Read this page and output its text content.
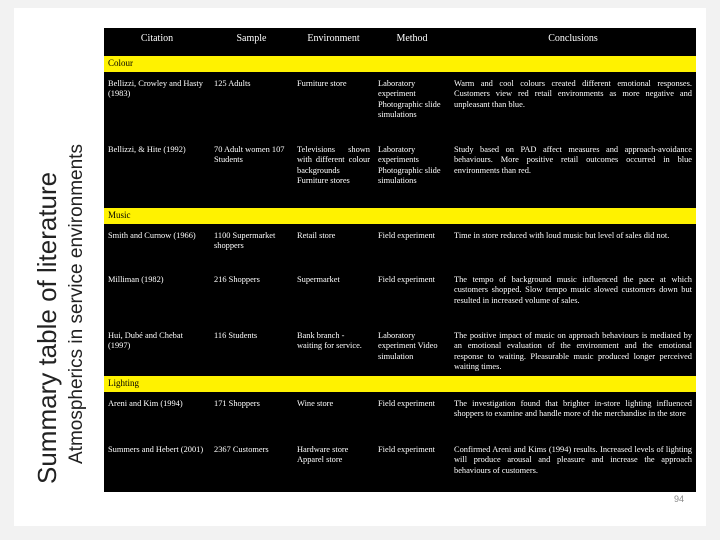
Summary table of literature Atmospherics in service environments
Citation	Sample	Environment	Method	Conclusions
Colour				
Bellizzi, Crowley and Hasty (1983)	125 Adults	Furniture store	Laboratory experiment Photographic slide simulations	Warm and cool colours created different emotional responses. Customers view red retail environments as more negative and unpleasant than blue.
Bellizzi, & Hite (1992)	70 Adult women 107 Students	Televisions shown with different colour backgrounds Furniture stores	Laboratory experiments Photographic slide simulations	Study based on PAD affect measures and approach-avoidance behaviours. More positive retail outcomes occurred in blue environments than red.
Music				
Smith and Curnow (1966)	1100 Supermarket shoppers	Retail store	Field experiment	Time in store reduced with loud music but level of sales did not.
Milliman (1982)	216 Shoppers	Supermarket	Field experiment	The tempo of background music influenced the pace at which customers shopped. Slow tempo music slowed customers down but resulted in increased volume of sales.
Hui, Dubé and Chebat (1997)	116 Students	Bank branch - waiting for service.	Laboratory experiment Video simulation	The positive impact of music on approach behaviours is mediated by an emotional evaluation of the environment and the emotional response to waiting. Pleasurable music produced longer perceived waiting times.
Lighting				
Areni and Kim (1994)	171 Shoppers	Wine store	Field experiment	The investigation found that brighter in-store lighting influenced shoppers to examine and handle more of the merchandise in the store
Summers and Hebert (2001)	2367 Customers	Hardware store Apparel store	Field experiment	Confirmed Areni and Kims (1994) results. Increased levels of lighting will produce arousal and pleasure and increase the approach behaviours of customers.
94
